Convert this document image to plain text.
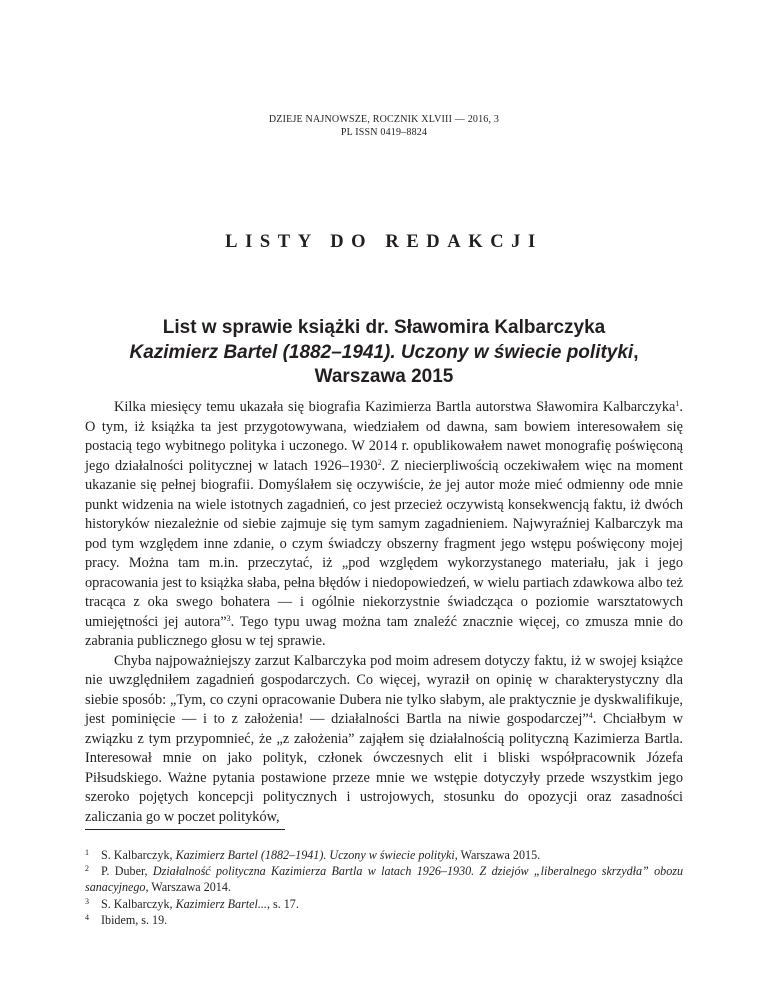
DZIEJE NAJNOWSZE, ROCZNIK XLVIII — 2016, 3
PL ISSN 0419–8824
LISTY DO REDAKCJI
List w sprawie książki dr. Sławomira Kalbarczyka
Kazimierz Bartel (1882–1941). Uczony w świecie polityki,
Warszawa 2015

Kilka miesięcy temu ukazała się biografia Kazimierza Bartla autorstwa Sławomira Kalbarczyka$^1$. O tym, iż książka ta jest przygotowywana, wiedziałem od dawna, sam bowiem interesowałem się postacią tego wybitnego polityka i uczonego. W 2014 r. opublikowałem nawet monografię poświęconą jego działalności politycznej w latach 1926–1930$^2$. Z niecierpliwością oczekiwałem więc na moment ukazanie się pełnej biografii. Domyślałem się oczywiście, że jej autor może mieć odmienny ode mnie punkt widzenia na wiele istotnych zagadnień, co jest przecież oczywistą konsekwencją faktu, iż dwóch historyków niezależnie od siebie zajmuje się tym samym zagadnieniem. Najwyraźniej Kalbarczyk ma pod tym względem inne zdanie, o czym świadczy obszerny fragment jego wstępu poświęcony mojej pracy. Można tam m.in. przeczytać, iż „pod względem wykorzystanego materiału, jak i jego opracowania jest to książka słaba, pełna błędów i niedopowiedzeń, w wielu partiach zdawkowa albo też tracąca z oka swego bohatera — i ogólnie niekorzystnie świadcząca o poziomie warsztatowych umiejętności jej autora”$^3$. Tego typu uwag można tam znaleźć znacznie więcej, co zmusza mnie do zabrania publicznego głosu w tej sprawie.

Chyba najpoważniejszy zarzut Kalbarczyka pod moim adresem dotyczy faktu, iż w swojej książce nie uwzględniłem zagadnień gospodarczych. Co więcej, wyraził on opinię w charakterystyczny dla siebie sposób: „Tym, co czyni opracowanie Dubera nie tylko słabym, ale praktycznie je dyskwalifikuje, jest pominięcie — i to z założenia! — działalności Bartla na niwie gospodarczej”$^4$. Chciałbym w związku z tym przypomnieć, że „z założenia” zająłem się działalnością polityczną Kazimierza Bartla. Interesował mnie on jako polityk, członek ówczesnych elit i bliski współpracownik Józefa Piłsudskiego. Ważne pytania postawione przeze mnie we wstępie dotyczyły przede wszystkim jego szeroko pojętych koncepcji politycznych i ustrojowych, stosunku do opozycji oraz zasadności zaliczania go w poczet polityków,

1 S. Kalbarczyk, Kazimierz Bartel (1882–1941). Uczony w świecie polityki, Warszawa 2015.
2 P. Duber, Działalność polityczna Kazimierza Bartla w latach 1926–1930. Z dziejów „liberalnego skrzydła” obozu sanacyjnego, Warszawa 2014.
3 S. Kalbarczyk, Kazimierz Bartel..., s. 17.
4 Ibidem, s. 19.
